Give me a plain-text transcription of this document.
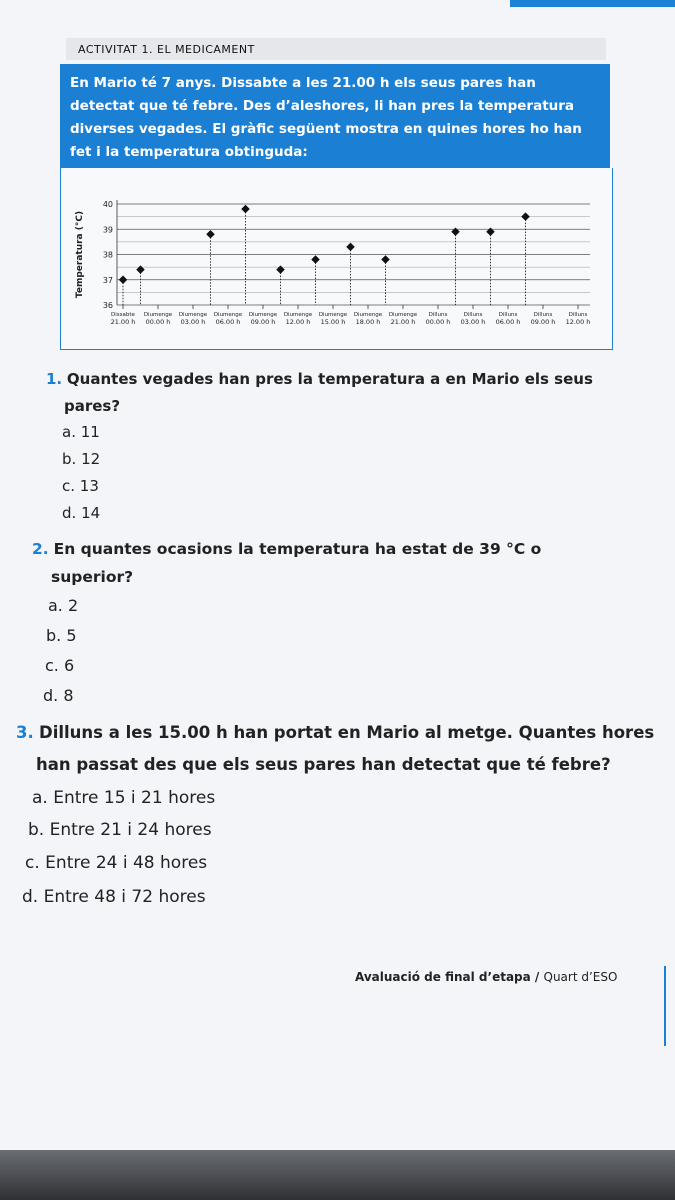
ACTIVITAT 1. EL MEDICAMENT
En Mario té 7 anys. Dissabte a les 21.00 h els seus pares han detectat que té febre. Des d’aleshores, li han pres la temperatura diverses vegades. El gràfic següent mostra en quines hores ho han fet i la temperatura obtinguda:
36
37
38
39
40
Temperatura (°C)
Dissabte
21.00 h
Diumenge
00.00 h
Diumenge
03.00 h
Diumenge
06.00 h
Diumenge
09.00 h
Diumenge
12.00 h
Diumenge
15.00 h
Diumenge
18.00 h
Diumenge
21.00 h
Dilluns
00.00 h
Dilluns
03.00 h
Dilluns
06.00 h
Dilluns
09.00 h
Dilluns
12.00 h
1. Quantes vegades han pres la temperatura a en Mario els seus
pares?
a. 11
b. 12
c. 13
d. 14
2. En quantes ocasions la temperatura ha estat de 39 °C o
superior?
a. 2
b. 5
c. 6
d. 8
3. Dilluns a les 15.00 h han portat en Mario al metge. Quantes hores
han passat des que els seus pares han detectat que té febre?
a. Entre 15 i 21 hores
b. Entre 21 i 24 hores
c. Entre 24 i 48 hores
d. Entre 48 i 72 hores
Avaluació de final d’etapa / Quart d’ESO
